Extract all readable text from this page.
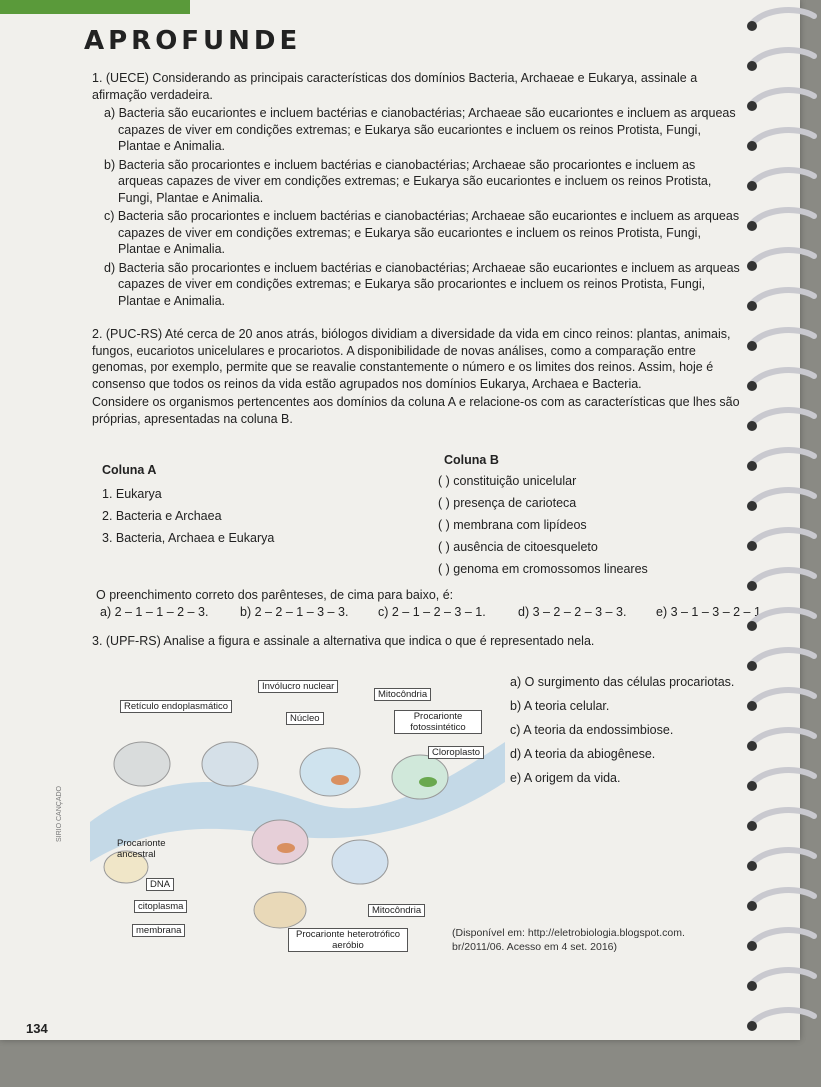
APROFUNDE

1. (UECE) Considerando as principais características dos domínios Bacteria, Archaeae e Eukarya, assinale a afirmação verdadeira.

a) Bacteria são eucariontes e incluem bactérias e cianobactérias; Archaeae são eucariontes e incluem as arqueas capazes de viver em condições extremas; e Eukarya são eucariontes e incluem os reinos Protista, Fungi, Plantae e Animalia.

b) Bacteria são procariontes e incluem bactérias e cianobactérias; Archaeae são procariontes e incluem as arqueas capazes de viver em condições extremas; e Eukarya são eucariontes e incluem os reinos Protista, Fungi, Plantae e Animalia.

c) Bacteria são procariontes e incluem bactérias e cianobactérias; Archaeae são eucariontes e incluem as arqueas capazes de viver em condições extremas; e Eukarya são eucariontes e incluem os reinos Protista, Fungi, Plantae e Animalia.

d) Bacteria são procariontes e incluem bactérias e cianobactérias; Archaeae são eucariontes e incluem as arqueas capazes de viver em condições extremas; e Eukarya são procariontes e incluem os reinos Protista, Fungi, Plantae e Animalia.

2. (PUC-RS) Até cerca de 20 anos atrás, biólogos dividiam a diversidade da vida em cinco reinos: plantas, animais, fungos, eucariotos unicelulares e procariotos. A disponibilidade de novas análises, como a comparação entre genomas, por exemplo, permite que se reavalie constantemente o número e os limites dos reinos. Assim, hoje é consenso que todos os reinos da vida estão agrupados nos domínios Eukarya, Archaea e Bacteria.

Considere os organismos pertencentes aos domínios da coluna A e relacione-os com as características que lhes são próprias, apresentadas na coluna B.

Coluna A
1. Eukarya
2. Bacteria e Archaea
3. Bacteria, Archaea e Eukarya
Coluna B
( ) constituição unicelular
( ) presença de carioteca
( ) membrana com lipídeos
( ) ausência de citoesqueleto
( ) genoma em cromossomos lineares
O preenchimento correto dos parênteses, de cima para baixo, é:
a) 2 – 1 – 1 – 2 – 3.	b) 2 – 2 – 1 – 3 – 3. c) 2 – 1 – 2 – 3 – 1.	d) 3 – 2 – 2 – 3 – 3. e) 3 – 1 – 3 – 2 – 1.
3. (UPF-RS) Analise a figura e assinale a alternativa que indica o que é representado nela.
Invólucro nuclear
Retículo endoplasmático
Mitocôndria
Núcleo	Procarionte fotossintético
Cloroplasto
Procarionte ancestral
DNA
citoplasma
membrana
Mitocôndria
Procarionte heterotrófico aeróbio
a) O surgimento das células procariotas.
b) A teoria celular.
c) A teoria da endossimbiose.
d) A teoria da abiogênese.
e) A origem da vida.
(Disponível em: http://eletrobiologia.blogspot.com.
br/2011/06. Acesso em 4 set. 2016)
SIRIO CANÇADO
134
